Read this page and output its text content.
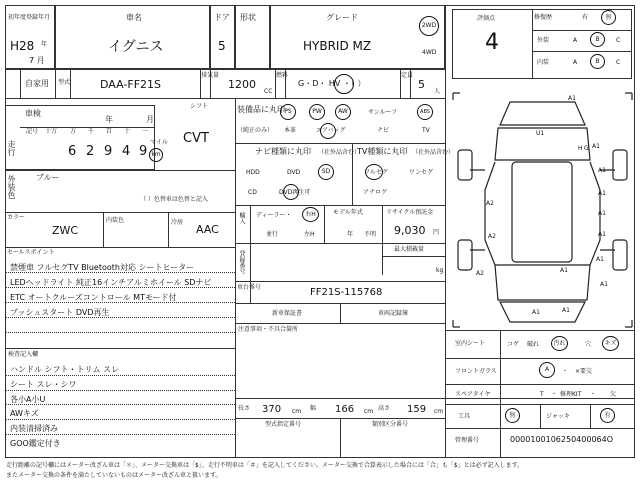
初年度登録年月
H28 年
7 月
車名
イグニス
ドア
5
形状	グレード
HYBRID MZ
2WD
4WD
自家用 型式	DAA-FF21S
排気量
1200
CC
燃料
G・D・ HV ・（ ）
定員
5
人
車検
年	月
走行
記号 十万 万 千 百 十 一
6 2 9 4 9
マイル
km
シフト
CVT
外装色	ブルー
（ ）色替車は色替と記入
カラー
ZWC
内装色	冷房
AAC
セールスポイント
禁煙車 フルセグTV Bluetooth対応 シートヒーター
LEDヘッドライト 純正16インチアルミホイール SDナビ
ETC オートクルーズコントロール MTモード付
プッシュスタート DVD再生
検査記入欄
ハンドル シフト・トリム スレ
シート スレ・シワ
各小A小U
AWキズ
内装清掃済み
GOO鑑定付き
装備品に丸印
（純正のみ）
PS	PW	AW	サンルーフ	ABS
本革	エアバッグ	ナビ	TV
ナビ種類に丸印 （社外品含む）
HDD	DVD	SD
CD	DVD再生可
TV種類に丸印 （社外品含む）
フルセグ	ワンセグ
アナログ
輸入 ディーラー・
並行
右H
左H
モデル年式
年 不明
リサイクル預託金
9,030 円
登録番号
最大積載量
kg
車台番号	FF21S-115768
新車保証書	車両記録簿
注意事項・不具合箇所
長さ 370 cm 幅 166 cm 高さ 159 cm
型式指定番号	類別区分番号
評価点
4
修復歴	有	無
外装	A	B	C
内装	A	B	C
A1
A1
A1
A1
A2
A2
A1
A1
A1
A1
A1
A2
A1	A1
U1
H G
室内シート	コゲ 破れ	汚れ	穴	キズ
フロントガラス	A	・ ×要交
スペアタイヤ	T ・ 修理KIT ・ 欠
工具	無	ジャッキ	有
管理番号	0000100106250400064O
走行距離の記号欄にはメーター改ざん車は「＊」、メーター交換車は「$」、走行不明車は「＃」を記入してください。メーター交換で合算表示した場合には「合」も「$」とは必ず記入します。
またメーター交換の条件を満たしていないものはメーター改ざん車と扱います。
